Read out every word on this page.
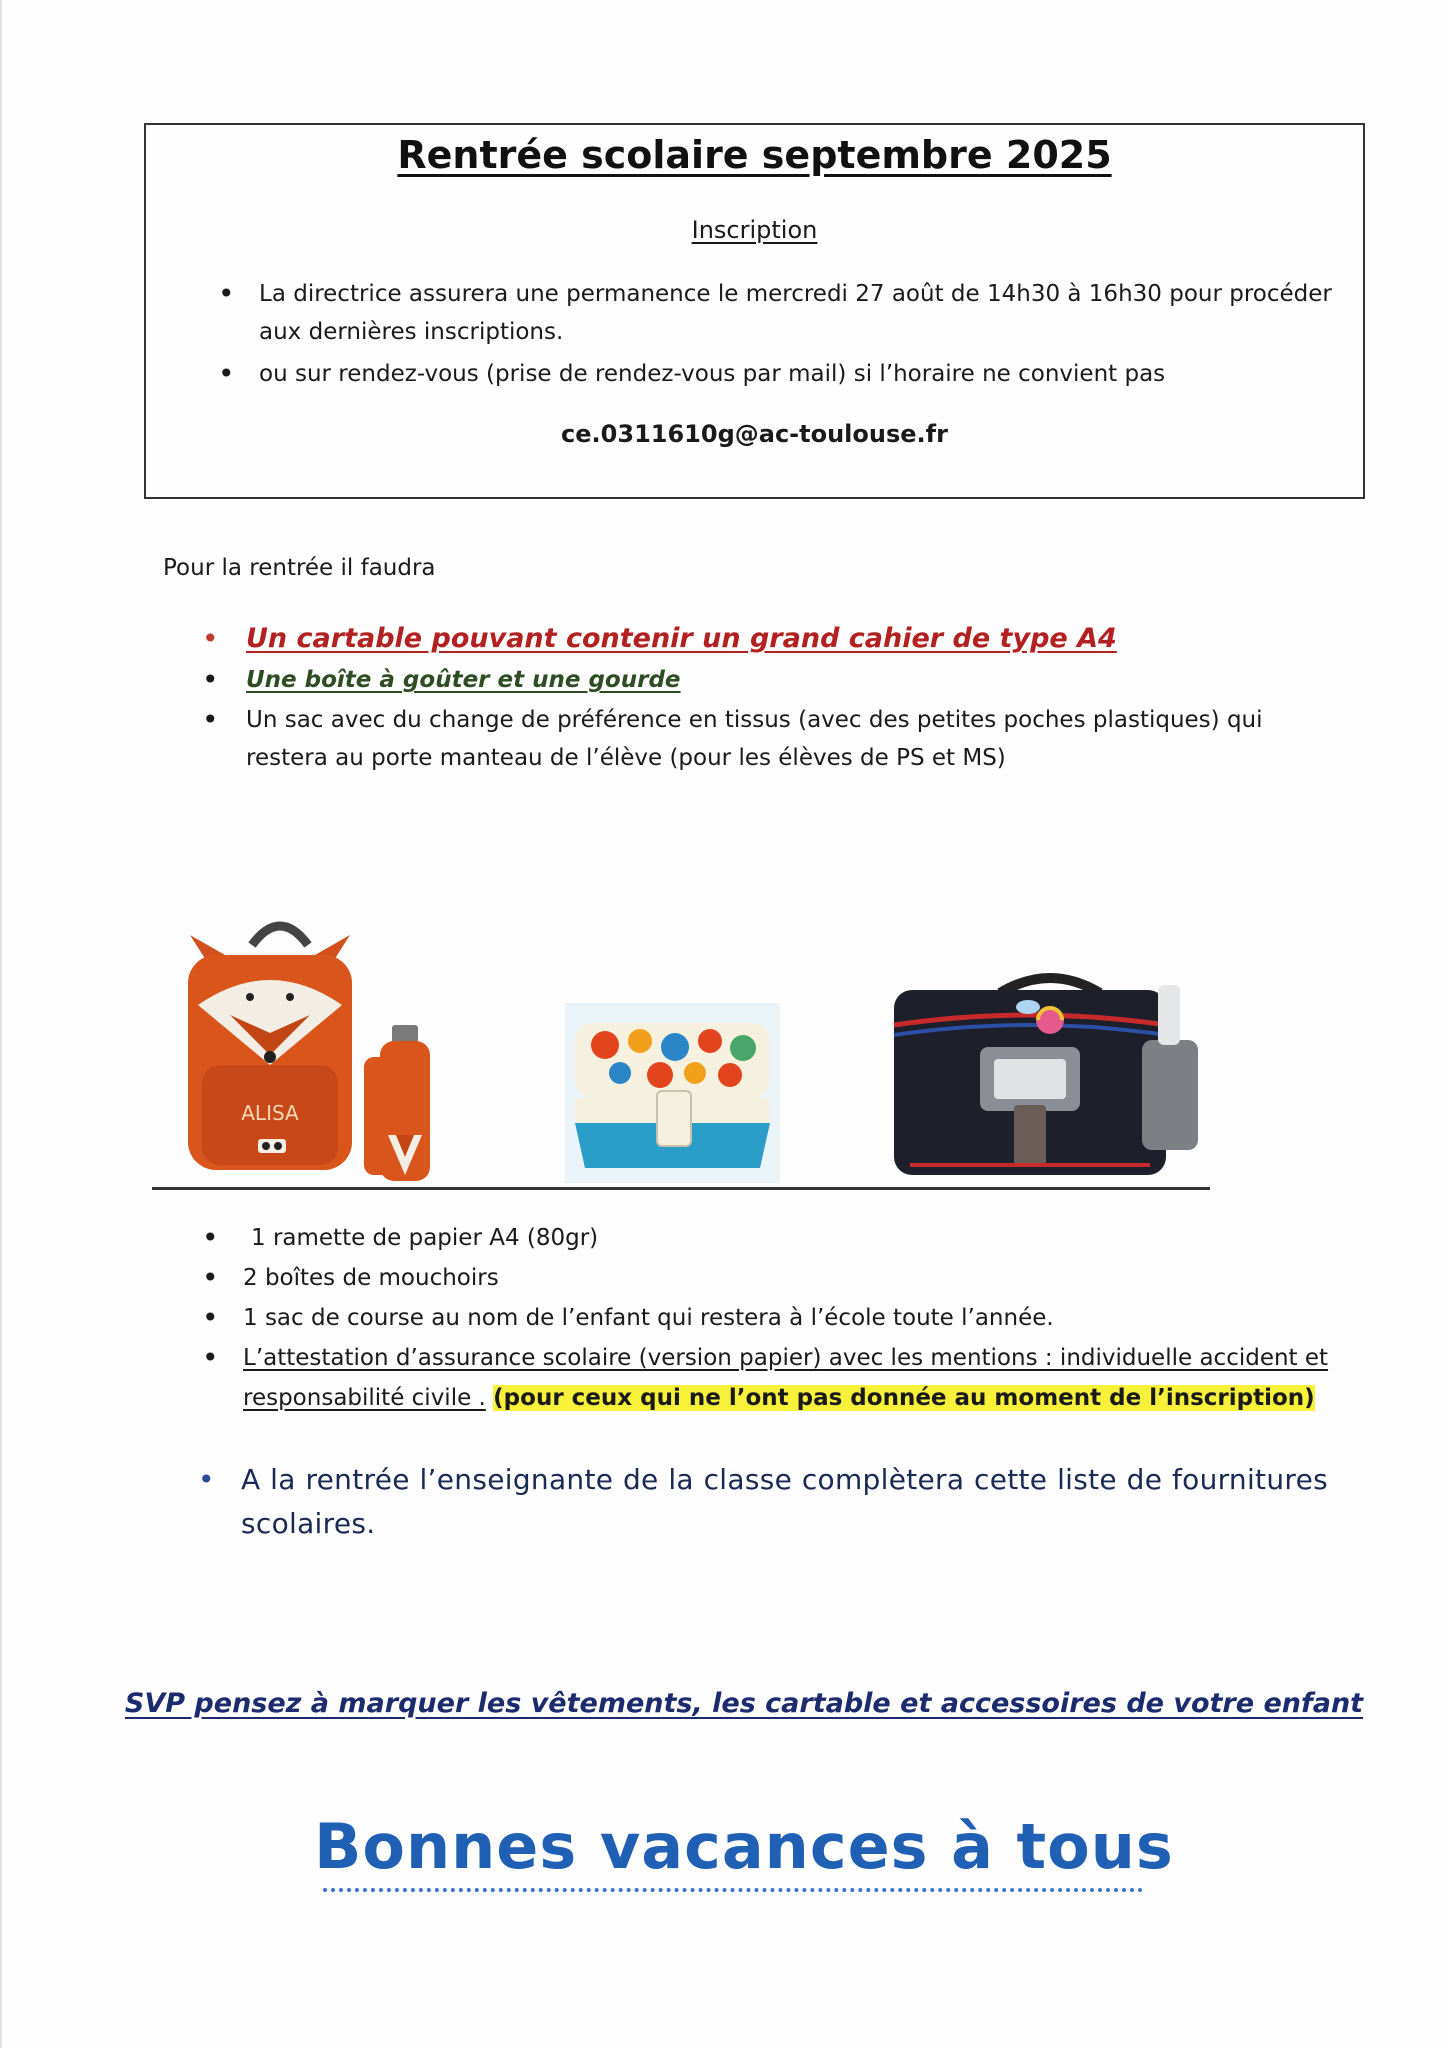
Rentrée scolaire septembre 2025
Inscription
• La directrice assurera une permanence le mercredi 27 août de 14h30 à 16h30 pour procéder aux dernières inscriptions.
• ou sur rendez-vous (prise de rendez-vous par mail) si l’horaire ne convient pas
ce.0311610g@ac-toulouse.fr
Pour la rentrée il faudra
• Un cartable pouvant contenir un grand cahier de type A4
• Une boîte à goûter et une gourde
• Un sac avec du change de préférence en tissus (avec des petites poches plastiques) qui restera au porte manteau de l’élève (pour les élèves de PS et MS)
ALISA
• 1 ramette de papier A4 (80gr)
• 2 boîtes de mouchoirs
• 1 sac de course au nom de l’enfant qui restera à l’école toute l’année.
• L’attestation d’assurance scolaire (version papier) avec les mentions : individuelle accident et responsabilité civile . (pour ceux qui ne l’ont pas donnée au moment de l’inscription)
• A la rentrée l’enseignante de la classe complètera cette liste de fournitures scolaires.
SVP pensez à marquer les vêtements, les cartable et accessoires de votre enfant
Bonnes vacances à tous
